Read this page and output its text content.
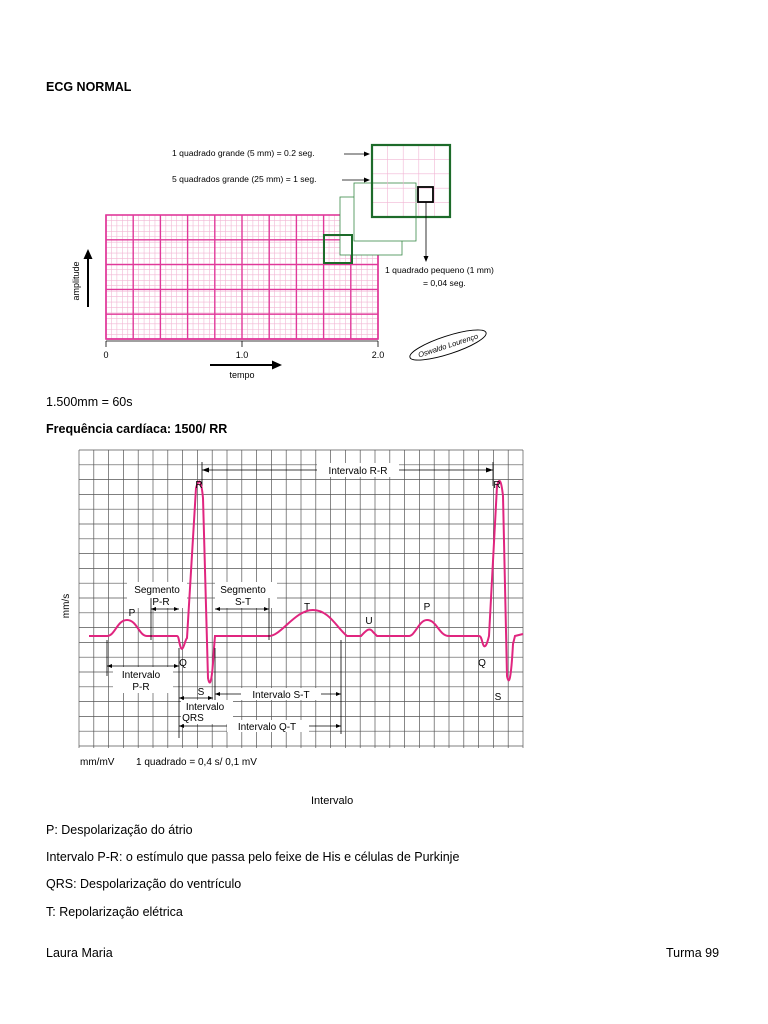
ECG NORMAL
amplitude
0	1.0	2.0
tempo
1 quadrado grande (5 mm) = 0.2 seg.
5 quadrados grande (25 mm) = 1 seg.
1 quadrado pequeno (1 mm)
= 0,04 seg.
Oswaldo Lourenço
1.500mm = 60s
Frequência cardíaca: 1500/ RR
mm/s
Intervalo R-R
R	R
P
P
Q	Q
S	S
T
U
Segmento
P-R
Segmento
S-T
Intervalo
P-R
Intervalo
QRS
Intervalo S-T
Intervalo Q-T
mm/mV 1 quadrado = 0,4 s/ 0,1 mV
Intervalo
P: Despolarização do átrio
Intervalo P-R: o estímulo que passa pelo feixe de His e células de Purkinje
QRS: Despolarização do ventrículo
T: Repolarização elétrica
Laura Maria	Turma 99
